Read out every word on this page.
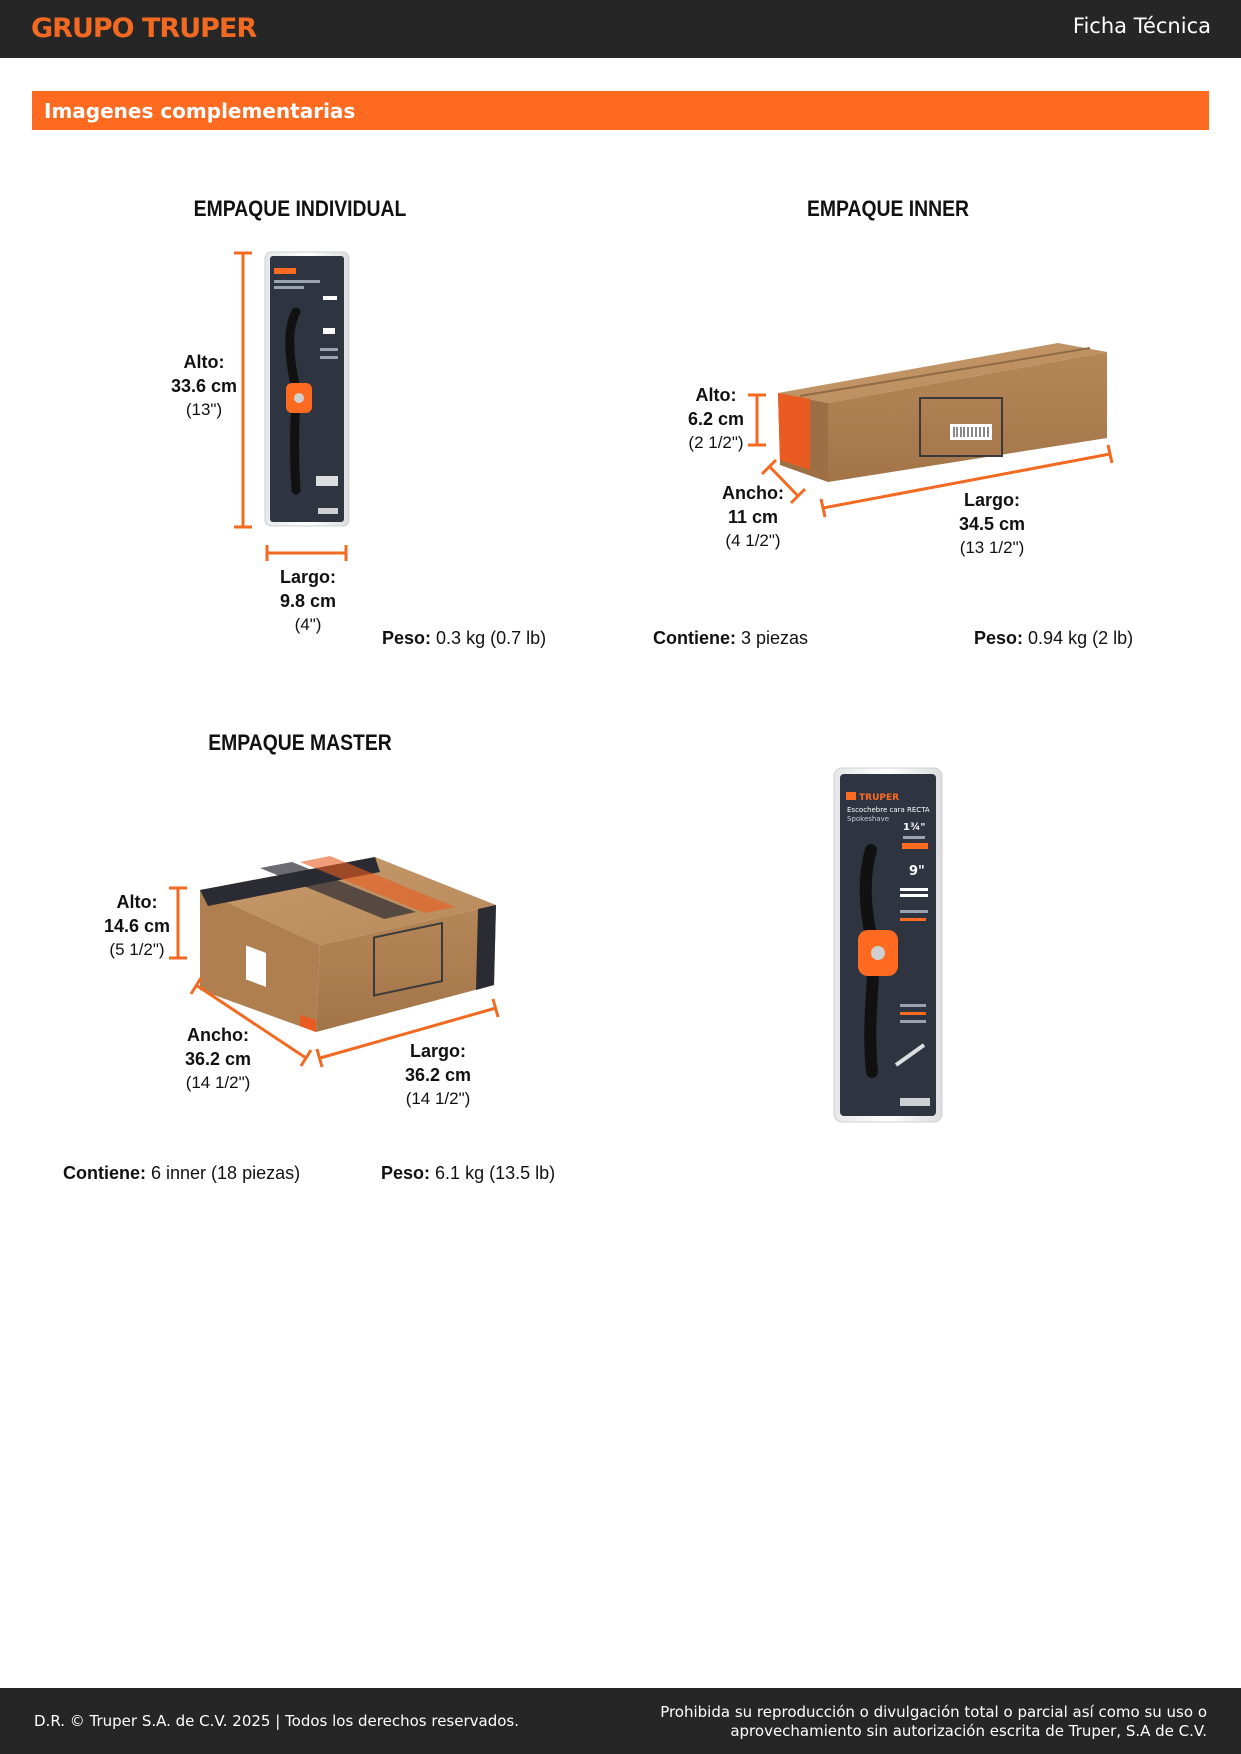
GRUPO TRUPER	Ficha Técnica
Imagenes complementarias
EMPAQUE INDIVIDUAL	EMPAQUE INNER
EMPAQUE MASTER
TRUPER
Escochebre cara RECTA
Spokeshave
1¾"
9"
Alto:
33.6 cm
(13")
Largo:
9.8 cm
(4")
Peso: 0.3 kg (0.7 lb)
Alto:
6.2 cm
(2 1/2")
Ancho:
11 cm
(4 1/2")
Largo:
34.5 cm
(13 1/2")
Contiene: 3 piezas	Peso: 0.94 kg (2 lb)
Alto:
14.6 cm
(5 1/2")
Ancho:
36.2 cm
(14 1/2")
Largo:
36.2 cm
(14 1/2")
Contiene: 6 inner (18 piezas)	Peso: 6.1 kg (13.5 lb)
D.R. © Truper S.A. de C.V. 2025 | Todos los derechos reservados.	Prohibida su reproducción o divulgación total o parcial así como su uso o aprovechamiento sin autorización escrita de Truper, S.A de C.V.
